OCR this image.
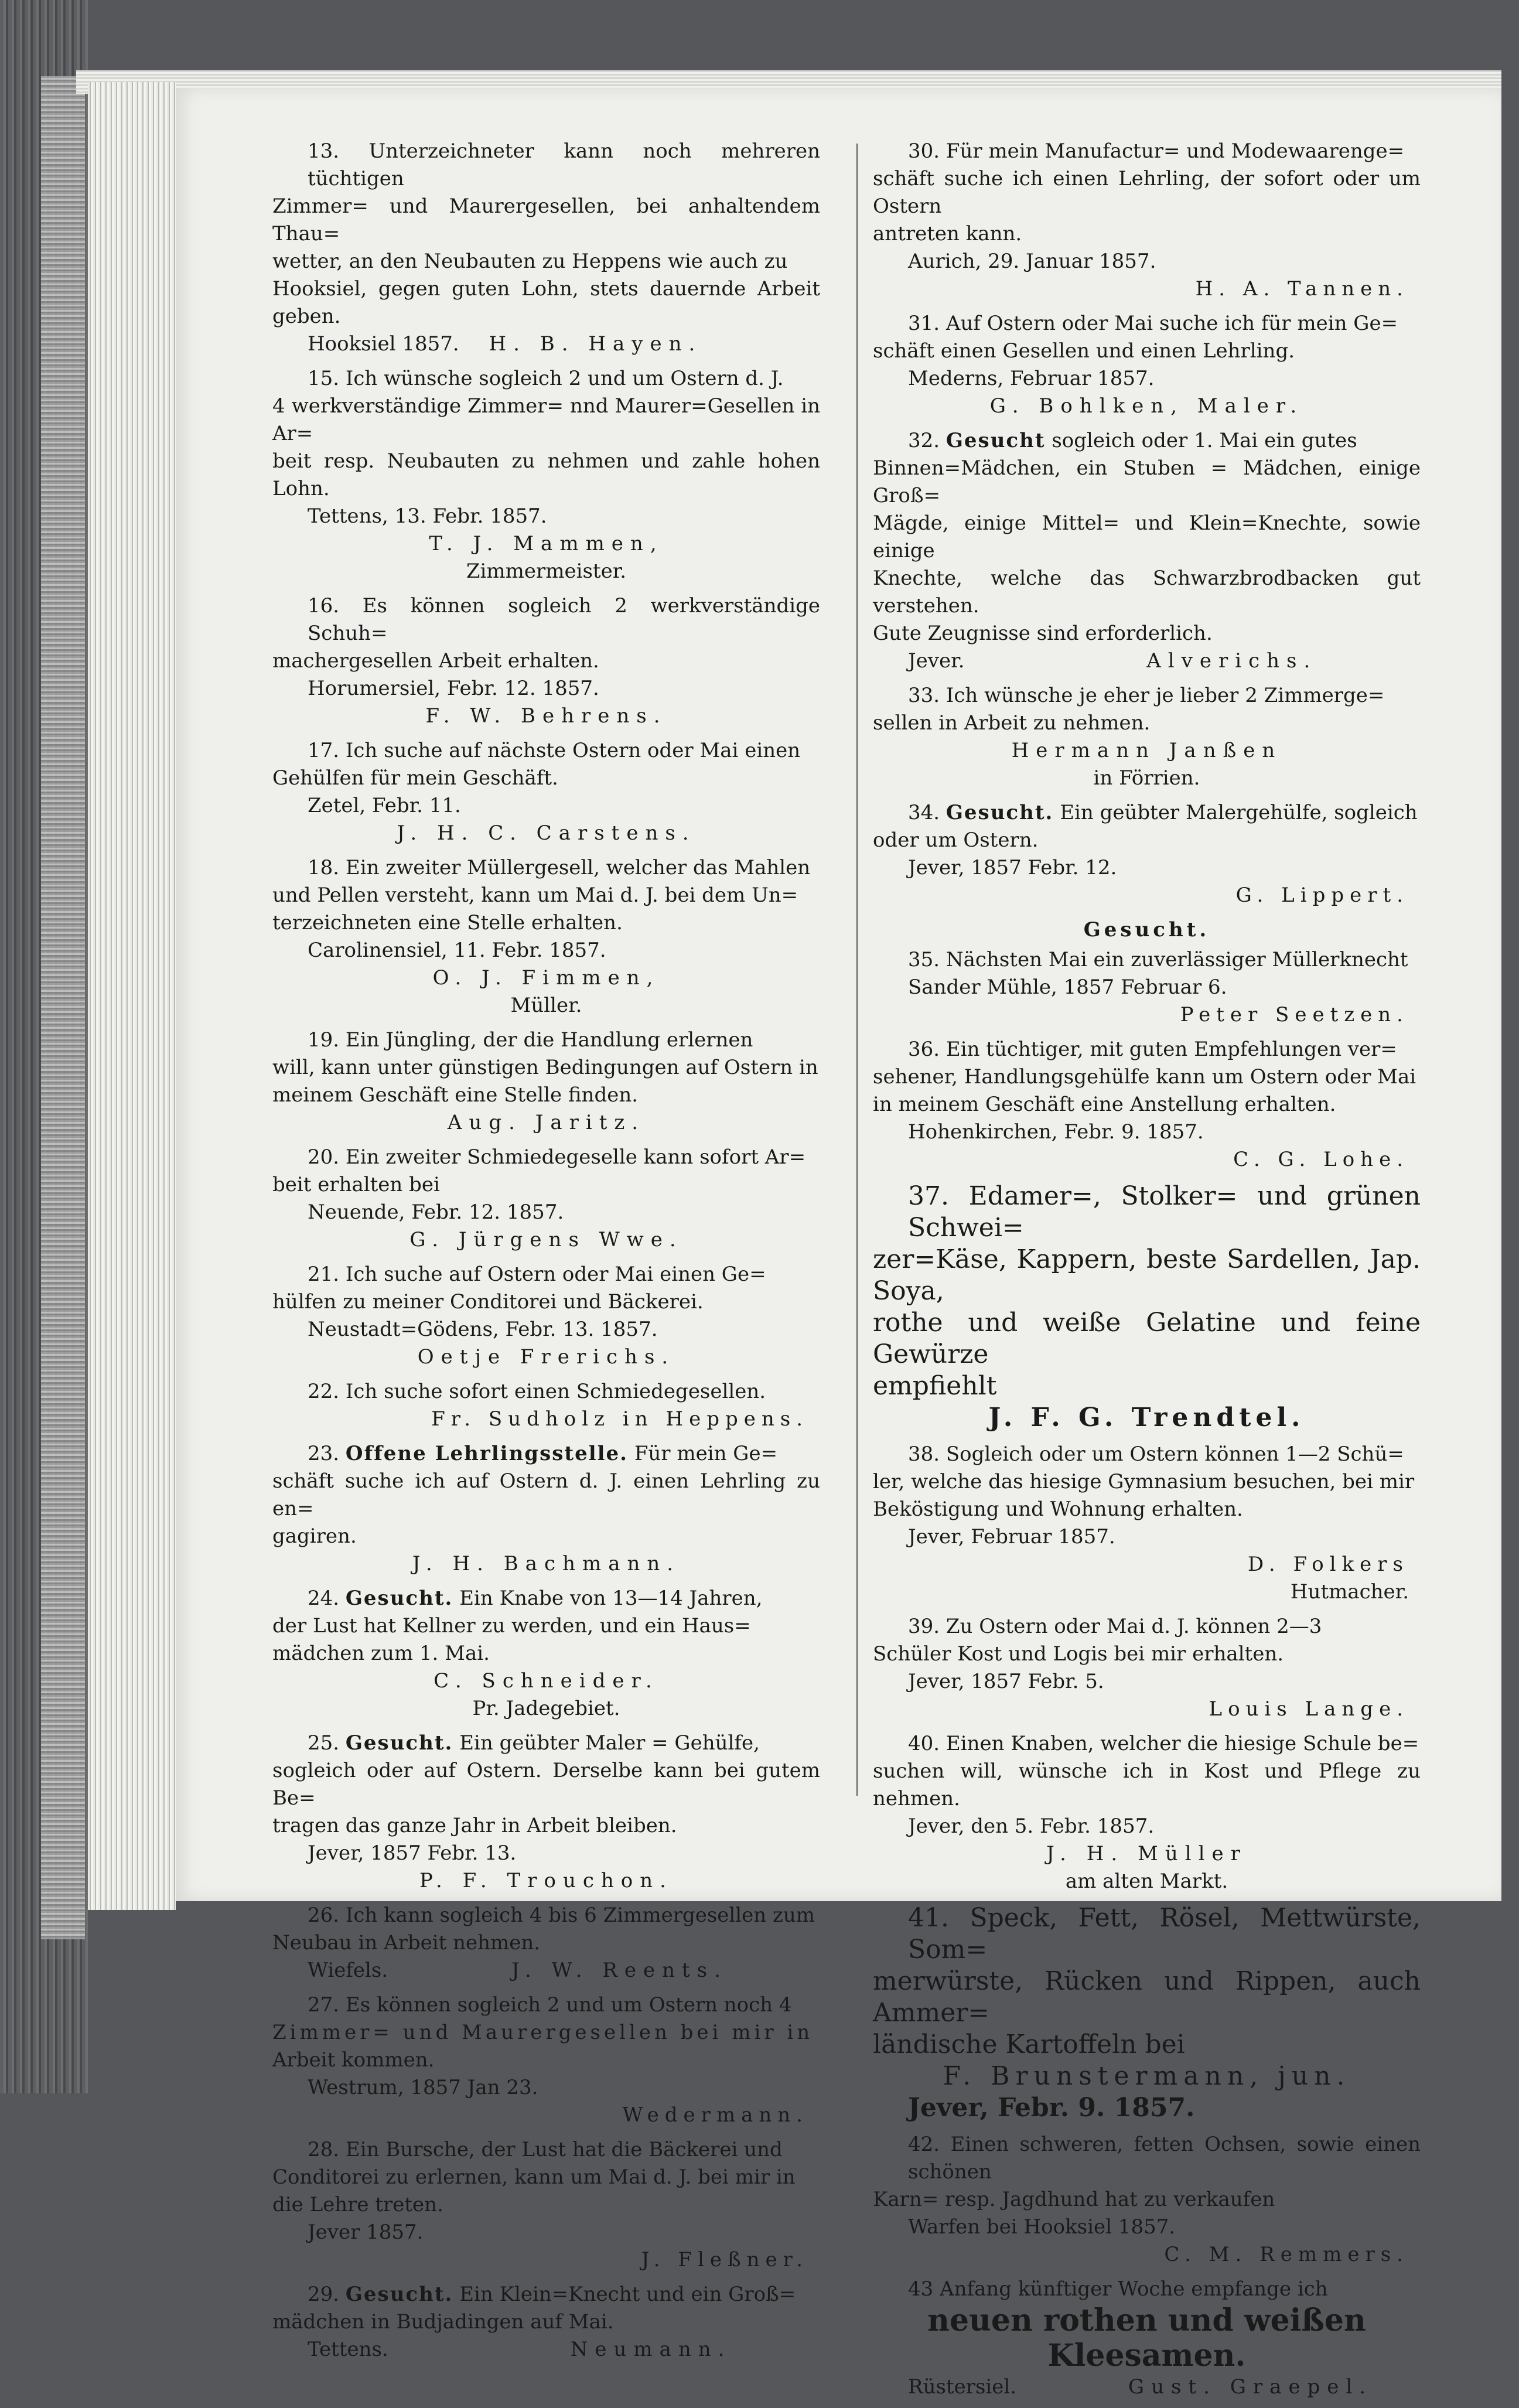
13. Unterzeichneter kann noch mehreren tüchtigen
Zimmer= und Maurergesellen, bei anhaltendem Thau=
wetter, an den Neubauten zu Heppens wie auch zu
Hooksiel, gegen guten Lohn, stets dauernde Arbeit geben.
Hooksiel 1857. H. B. Hayen.
15. Ich wünsche sogleich 2 und um Ostern d. J.
4 werkverständige Zimmer= nnd Maurer=Gesellen in Ar=
beit resp. Neubauten zu nehmen und zahle hohen Lohn.
Tettens, 13. Febr. 1857.
T. J. Mammen,
Zimmermeister.
16. Es können sogleich 2 werkverständige Schuh=
machergesellen Arbeit erhalten.
Horumersiel, Febr. 12. 1857.
F. W. Behrens.
17. Ich suche auf nächste Ostern oder Mai einen
Gehülfen für mein Geschäft.
Zetel, Febr. 11.
J. H. C. Carstens.
18. Ein zweiter Müllergesell, welcher das Mahlen
und Pellen versteht, kann um Mai d. J. bei dem Un=
terzeichneten eine Stelle erhalten.
Carolinensiel, 11. Febr. 1857.
O. J. Fimmen,
Müller.
19. Ein Jüngling, der die Handlung erlernen
will, kann unter günstigen Bedingungen auf Ostern in
meinem Geschäft eine Stelle finden.
Aug. Jaritz.
20. Ein zweiter Schmiedegeselle kann sofort Ar=
beit erhalten bei
Neuende, Febr. 12. 1857.
G. Jürgens Wwe.
21. Ich suche auf Ostern oder Mai einen Ge=
hülfen zu meiner Conditorei und Bäckerei.
Neustadt=Gödens, Febr. 13. 1857.
Oetje Frerichs.
22. Ich suche sofort einen Schmiedegesellen.
Fr. Sudholz in Heppens.
23. Offene Lehrlingsstelle. Für mein Ge=
schäft suche ich auf Ostern d. J. einen Lehrling zu en=
gagiren.
J. H. Bachmann.
24. Gesucht. Ein Knabe von 13—14 Jahren,
der Lust hat Kellner zu werden, und ein Haus=
mädchen zum 1. Mai.
C. Schneider.
Pr. Jadegebiet.
25. Gesucht. Ein geübter Maler = Gehülfe,
sogleich oder auf Ostern. Derselbe kann bei gutem Be=
tragen das ganze Jahr in Arbeit bleiben.
Jever, 1857 Febr. 13.
P. F. Trouchon.
26. Ich kann sogleich 4 bis 6 Zimmergesellen zum
Neubau in Arbeit nehmen.
Wiefels.	J. W. Reents.
27. Es können sogleich 2 und um Ostern noch 4
Zimmer= und Maurergesellen bei mir in
Arbeit kommen.
Westrum, 1857 Jan 23.
Wedermann.
28. Ein Bursche, der Lust hat die Bäckerei und
Conditorei zu erlernen, kann um Mai d. J. bei mir in
die Lehre treten.
Jever 1857.
J. Fleßner.
29. Gesucht. Ein Klein=Knecht und ein Groß=
mädchen in Budjadingen auf Mai.
Tettens.	Neumann.
30. Für mein Manufactur= und Modewaarenge=
schäft suche ich einen Lehrling, der sofort oder um Ostern
antreten kann.
Aurich, 29. Januar 1857.
H. A. Tannen.
31. Auf Ostern oder Mai suche ich für mein Ge=
schäft einen Gesellen und einen Lehrling.
Mederns, Februar 1857.
G. Bohlken, Maler.
32. Gesucht sogleich oder 1. Mai ein gutes
Binnen=Mädchen, ein Stuben = Mädchen, einige Groß=
Mägde, einige Mittel= und Klein=Knechte, sowie einige
Knechte, welche das Schwarzbrodbacken gut verstehen.
Gute Zeugnisse sind erforderlich.
Jever.	Alverichs.
33. Ich wünsche je eher je lieber 2 Zimmerge=
sellen in Arbeit zu nehmen.
Hermann Janßen
in Förrien.
34. Gesucht. Ein geübter Malergehülfe, sogleich
oder um Ostern.
Jever, 1857 Febr. 12.
G. Lippert.
Gesucht.
35. Nächsten Mai ein zuverlässiger Müllerknecht
Sander Mühle, 1857 Februar 6.
Peter Seetzen.
36. Ein tüchtiger, mit guten Empfehlungen ver=
sehener, Handlungsgehülfe kann um Ostern oder Mai
in meinem Geschäft eine Anstellung erhalten.
Hohenkirchen, Febr. 9. 1857.
C. G. Lohe.
37. Edamer=, Stolker= und grünen Schwei=
zer=Käse, Kappern, beste Sardellen, Jap. Soya,
rothe und weiße Gelatine und feine Gewürze
empfiehlt
J. F. G. Trendtel.
38. Sogleich oder um Ostern können 1—2 Schü=
ler, welche das hiesige Gymnasium besuchen, bei mir
Beköstigung und Wohnung erhalten.
Jever, Februar 1857.
D. Folkers
Hutmacher.
39. Zu Ostern oder Mai d. J. können 2—3
Schüler Kost und Logis bei mir erhalten.
Jever, 1857 Febr. 5.
Louis Lange.
40. Einen Knaben, welcher die hiesige Schule be=
suchen will, wünsche ich in Kost und Pflege zu nehmen.
Jever, den 5. Febr. 1857.
J. H. Müller
am alten Markt.
41. Speck, Fett, Rösel, Mettwürste, Som=
merwürste, Rücken und Rippen, auch Ammer=
ländische Kartoffeln bei
F. Brunstermann, jun.
Jever, Febr. 9. 1857.
42. Einen schweren, fetten Ochsen, sowie einen schönen
Karn= resp. Jagdhund hat zu verkaufen
Warfen bei Hooksiel 1857.
C. M. Remmers.
43 Anfang künftiger Woche empfange ich
neuen rothen und weißen Kleesamen.
Rüstersiel.	Gust. Graepel.
